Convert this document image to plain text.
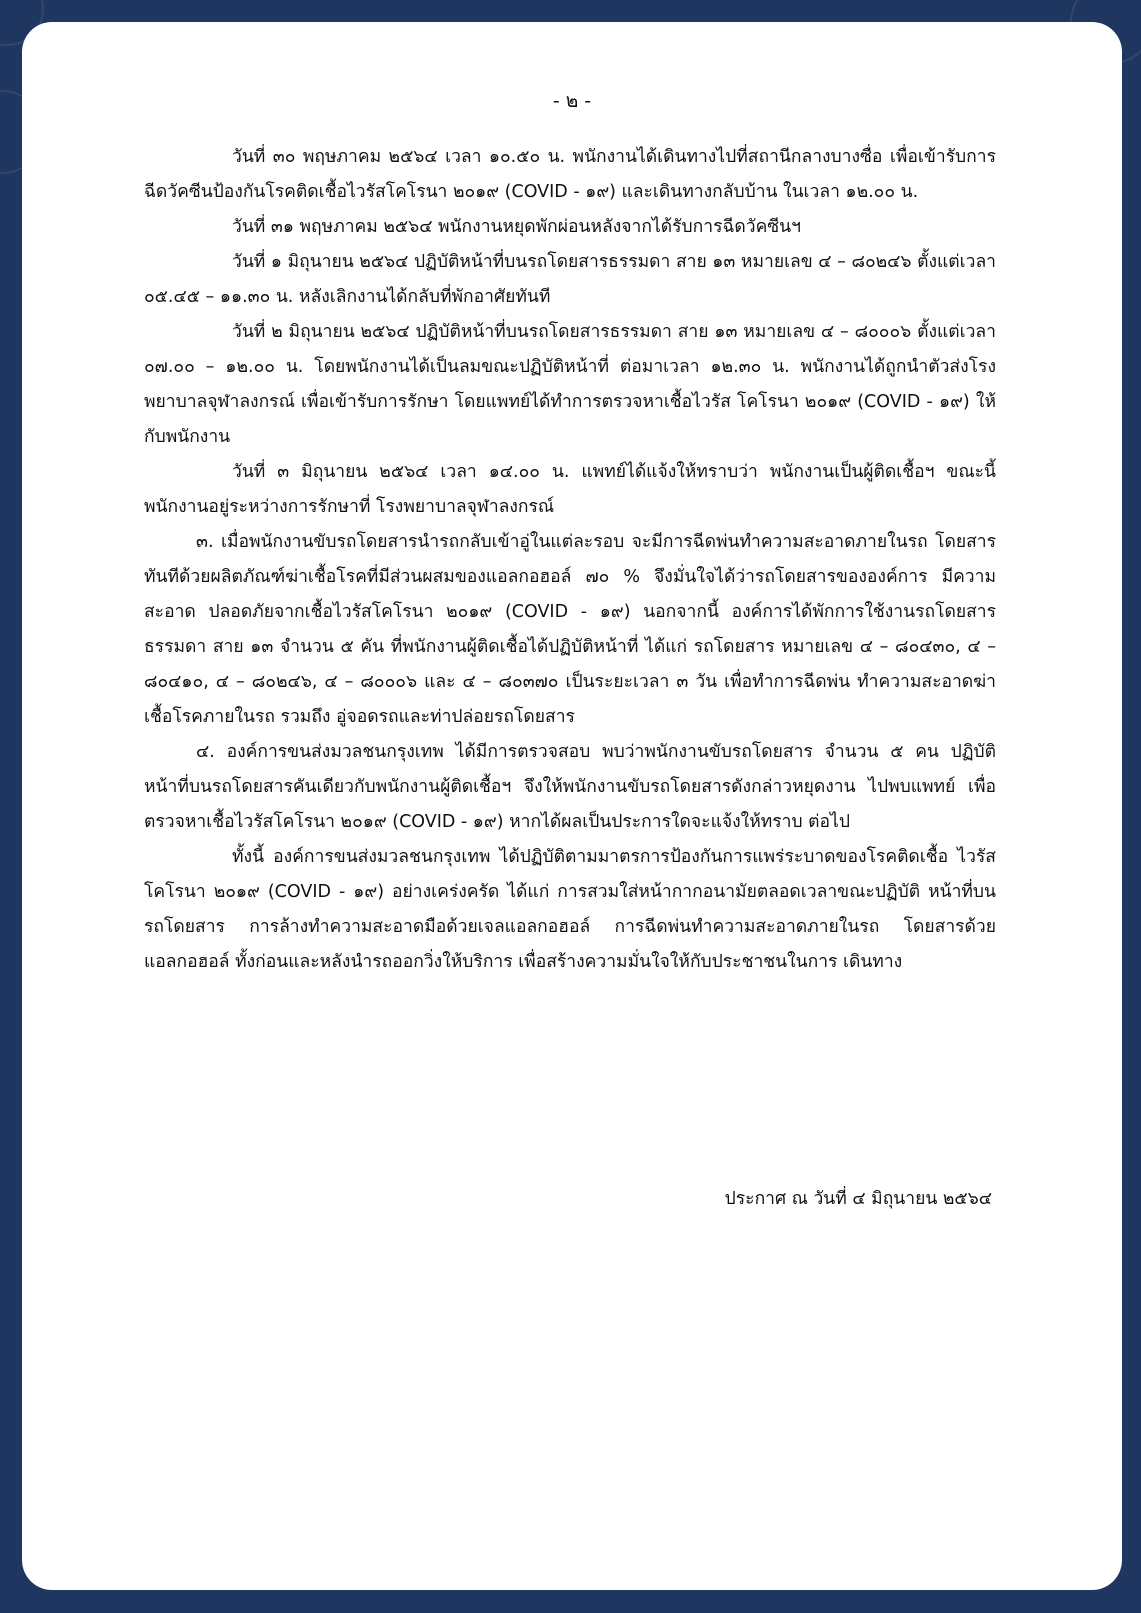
- ๒ -

วันที่ ๓๐ พฤษภาคม ๒๕๖๔ เวลา ๑๐.๕๐ น. พนักงานได้เดินทางไปที่สถานีกลางบางซื่อ เพื่อเข้ารับการฉีดวัคซีนป้องกันโรคติดเชื้อไวรัสโคโรนา ๒๐๑๙ (COVID - ๑๙) และเดินทางกลับบ้าน ในเวลา ๑๒.๐๐ น.

วันที่ ๓๑ พฤษภาคม ๒๕๖๔ พนักงานหยุดพักผ่อนหลังจากได้รับการฉีดวัคซีนฯ

วันที่ ๑ มิถุนายน ๒๕๖๔ ปฏิบัติหน้าที่บนรถโดยสารธรรมดา สาย ๑๓ หมายเลข ๔ – ๘๐๒๔๖ ตั้งแต่เวลา ๐๕.๔๕ – ๑๑.๓๐ น. หลังเลิกงานได้กลับที่พักอาศัยทันที

วันที่ ๒ มิถุนายน ๒๕๖๔ ปฏิบัติหน้าที่บนรถโดยสารธรรมดา สาย ๑๓ หมายเลข ๔ – ๘๐๐๐๖ ตั้งแต่เวลา ๐๗.๐๐ – ๑๒.๐๐ น. โดยพนักงานได้เป็นลมขณะปฏิบัติหน้าที่ ต่อมาเวลา ๑๒.๓๐ น. พนักงานได้ถูกนำตัวส่งโรงพยาบาลจุฬาลงกรณ์ เพื่อเข้ารับการรักษา โดยแพทย์ได้ทำการตรวจหาเชื้อไวรัส โคโรนา ๒๐๑๙ (COVID - ๑๙) ให้กับพนักงาน

วันที่ ๓ มิถุนายน ๒๕๖๔ เวลา ๑๔.๐๐ น. แพทย์ได้แจ้งให้ทราบว่า พนักงานเป็นผู้ติดเชื้อฯ ขณะนี้พนักงานอยู่ระหว่างการรักษาที่ โรงพยาบาลจุฬาลงกรณ์

๓. เมื่อพนักงานขับรถโดยสารนำรถกลับเข้าอู่ในแต่ละรอบ จะมีการฉีดพ่นทำความสะอาดภายในรถ โดยสารทันทีด้วยผลิตภัณฑ์ฆ่าเชื้อโรคที่มีส่วนผสมของแอลกอฮอล์ ๗๐ % จึงมั่นใจได้ว่ารถโดยสารขององค์การ มีความสะอาด ปลอดภัยจากเชื้อไวรัสโคโรนา ๒๐๑๙ (COVID - ๑๙) นอกจากนี้ องค์การได้พักการใช้งานรถโดยสาร ธรรมดา สาย ๑๓ จำนวน ๕ คัน ที่พนักงานผู้ติดเชื้อได้ปฏิบัติหน้าที่ ได้แก่ รถโดยสาร หมายเลข ๔ – ๘๐๔๓๐, ๔ – ๘๐๔๑๐, ๔ – ๘๐๒๔๖, ๔ – ๘๐๐๐๖ และ ๔ – ๘๐๓๗๐ เป็นระยะเวลา ๓ วัน เพื่อทำการฉีดพ่น ทำความสะอาดฆ่าเชื้อโรคภายในรถ รวมถึง อู่จอดรถและท่าปล่อยรถโดยสาร

๔. องค์การขนส่งมวลชนกรุงเทพ ได้มีการตรวจสอบ พบว่าพนักงานขับรถโดยสาร จำนวน ๕ คน ปฏิบัติหน้าที่บนรถโดยสารคันเดียวกับพนักงานผู้ติดเชื้อฯ จึงให้พนักงานขับรถโดยสารดังกล่าวหยุดงาน ไปพบแพทย์ เพื่อตรวจหาเชื้อไวรัสโคโรนา ๒๐๑๙ (COVID - ๑๙) หากได้ผลเป็นประการใดจะแจ้งให้ทราบ ต่อไป

ทั้งนี้ องค์การขนส่งมวลชนกรุงเทพ ได้ปฏิบัติตามมาตรการป้องกันการแพร่ระบาดของโรคติดเชื้อ ไวรัสโคโรนา ๒๐๑๙ (COVID - ๑๙) อย่างเคร่งครัด ได้แก่ การสวมใส่หน้ากากอนามัยตลอดเวลาขณะปฏิบัติ หน้าที่บนรถโดยสาร การล้างทำความสะอาดมือด้วยเจลแอลกอฮอล์ การฉีดพ่นทำความสะอาดภายในรถ โดยสารด้วยแอลกอฮอล์ ทั้งก่อนและหลังนำรถออกวิ่งให้บริการ เพื่อสร้างความมั่นใจให้กับประชาชนในการ เดินทาง

ประกาศ ณ วันที่ ๔ มิถุนายน ๒๕๖๔
